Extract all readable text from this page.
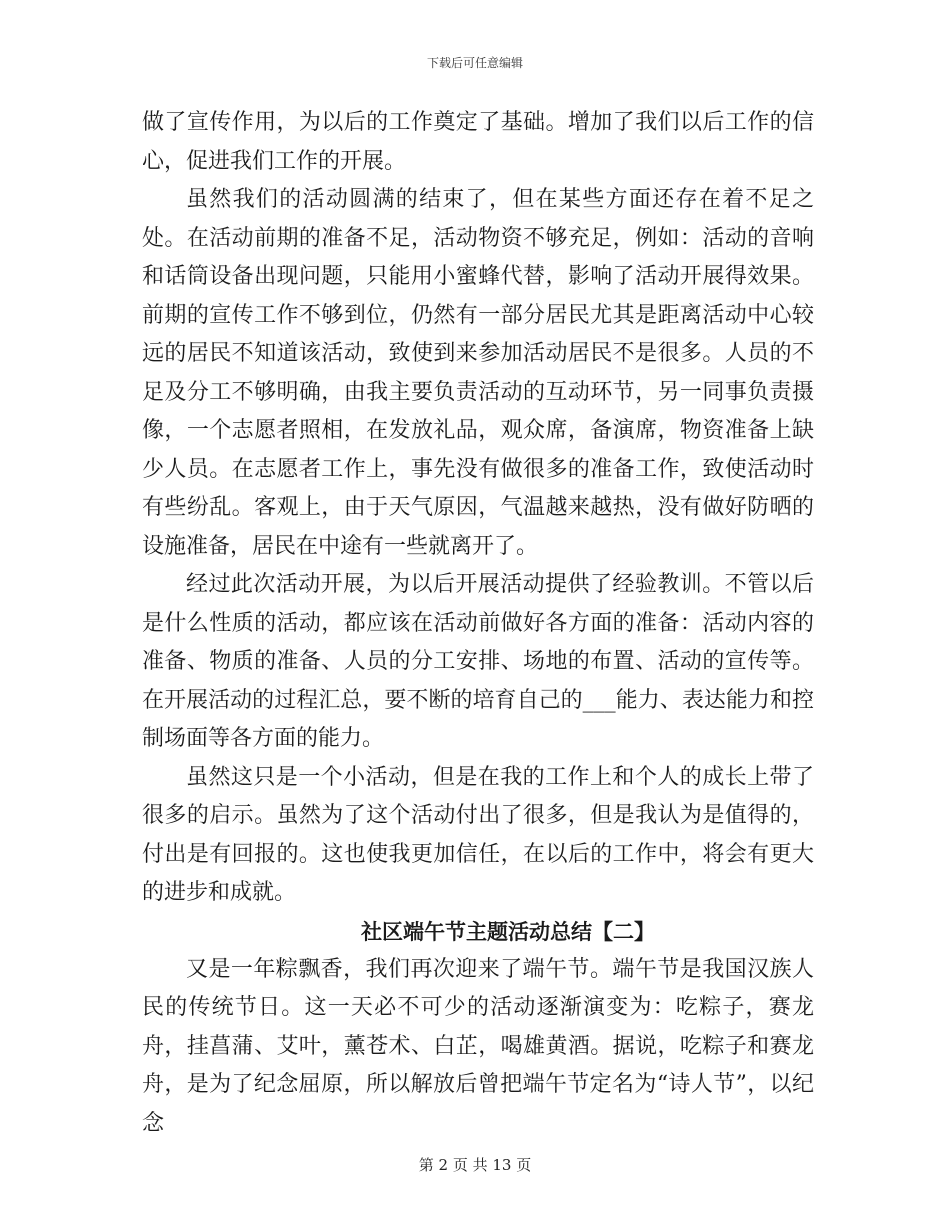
下载后可任意编辑

做了宣传作用，为以后的工作奠定了基础。增加了我们以后工作的信心，促进我们工作的开展。

虽然我们的活动圆满的结束了，但在某些方面还存在着不足之处。在活动前期的准备不足，活动物资不够充足，例如：活动的音响和话筒设备出现问题，只能用小蜜蜂代替，影响了活动开展得效果。前期的宣传工作不够到位，仍然有一部分居民尤其是距离活动中心较远的居民不知道该活动，致使到来参加活动居民不是很多。人员的不足及分工不够明确，由我主要负责活动的互动环节，另一同事负责摄像，一个志愿者照相，在发放礼品，观众席，备演席，物资准备上缺少人员。在志愿者工作上，事先没有做很多的准备工作，致使活动时有些纷乱。客观上，由于天气原因，气温越来越热，没有做好防晒的设施准备，居民在中途有一些就离开了。

经过此次活动开展，为以后开展活动提供了经验教训。不管以后是什么性质的活动，都应该在活动前做好各方面的准备：活动内容的准备、物质的准备、人员的分工安排、场地的布置、活动的宣传等。在开展活动的过程汇总，要不断的培育自己的___能力、表达能力和控制场面等各方面的能力。

虽然这只是一个小活动，但是在我的工作上和个人的成长上带了很多的启示。虽然为了这个活动付出了很多，但是我认为是值得的，付出是有回报的。这也使我更加信任，在以后的工作中，将会有更大的进步和成就。

社区端午节主题活动总结【二】

又是一年粽飘香，我们再次迎来了端午节。端午节是我国汉族人民的传统节日。这一天必不可少的活动逐渐演变为：吃粽子，赛龙舟，挂菖蒲、艾叶，薰苍术、白芷，喝雄黄酒。据说，吃粽子和赛龙舟，是为了纪念屈原，所以解放后曾把端午节定名为“诗人节”，以纪念

第 2 页 共 13 页
